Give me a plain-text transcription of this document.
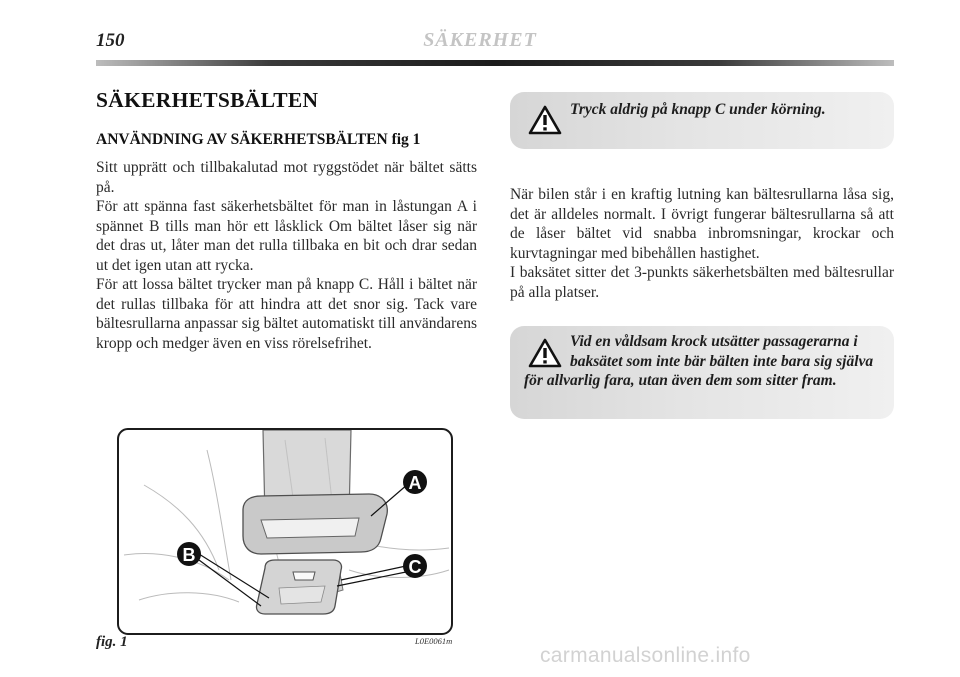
150	SÄKERHET
SÄKERHETSBÄLTEN
ANVÄNDNING AV SÄKERHETSBÄLTEN fig 1

Sitt upprätt och tillbakalutad mot ryggstödet när bältet sätts på.

För att spänna fast säkerhetsbältet för man in låstungan A i spännet B tills man hör ett låsklick Om bältet låser sig när det dras ut, låter man det rulla tillbaka en bit och drar sedan ut det igen utan att rycka.

För att lossa bältet trycker man på knapp C. Håll i bältet när det rullas tillbaka för att hindra att det snor sig. Tack vare bältesrullarna anpassar sig bältet automatiskt till användarens kropp och medger även en viss rörelsefrihet.

Tryck aldrig på knapp C under körning.

När bilen står i en kraftig lutning kan bältesrullarna låsa sig, det är alldeles normalt. I övrigt fungerar bältesrullarna så att de låser bältet vid snabba inbromsningar, krockar och kurvtagningar med bibehållen hastighet.

I baksätet sitter det 3-punkts säkerhetsbälten med bältesrullar på alla platser.

Vid en våldsam krock utsätter passagerarna i baksätet som inte bär bälten inte bara sig själva för allvarlig fara, utan även dem som sitter fram.
A
B
C
fig. 1	L0E0061m
carmanualsonline.info
